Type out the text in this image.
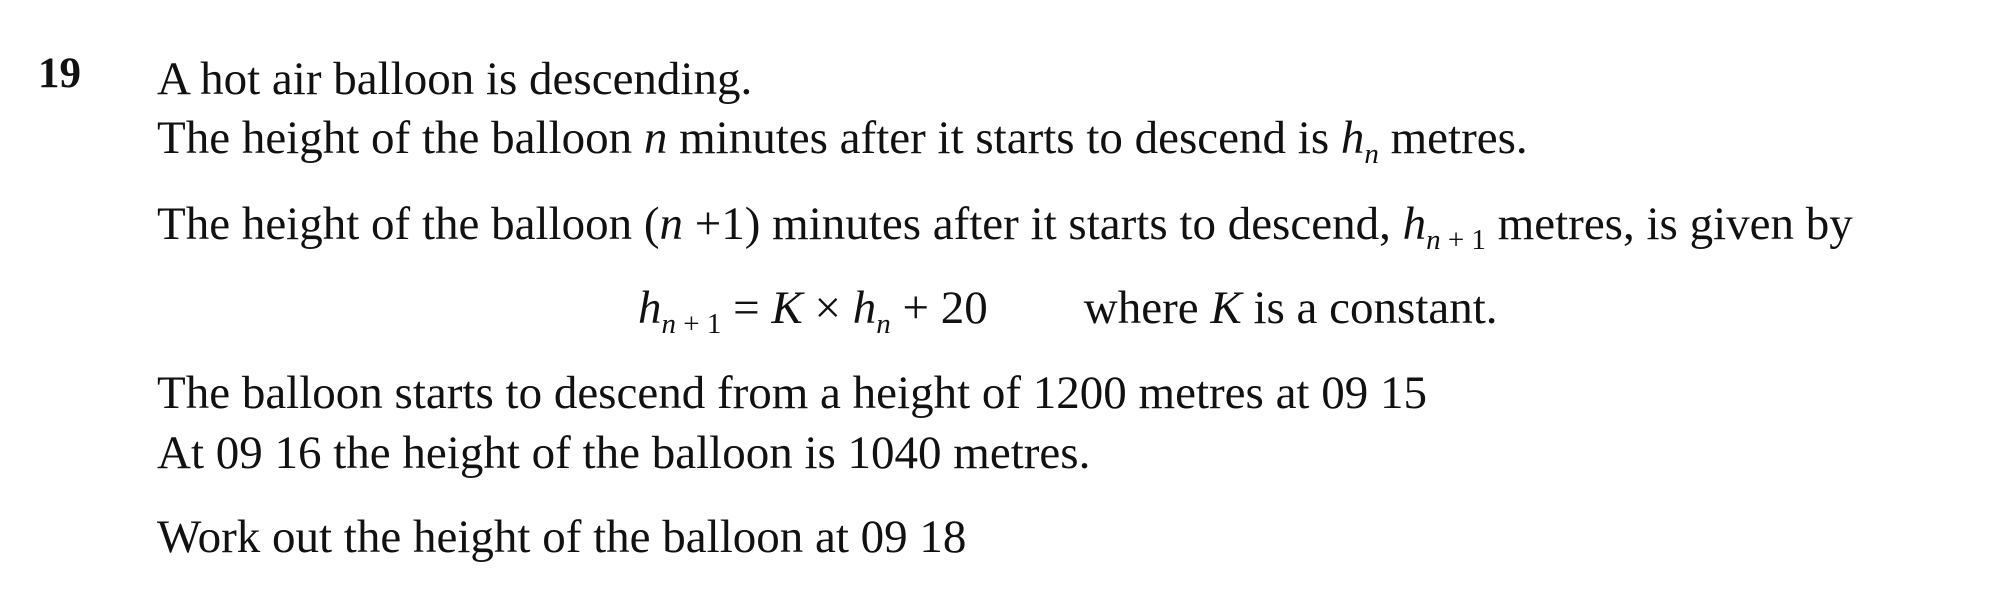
19 A hot air balloon is descending.
The height of the balloon n minutes after it starts to descend is $h_n$ metres.
The height of the balloon (n +1) minutes after it starts to descend, $h_{n + 1}$ metres, is given by
$h_{n + 1} = K \times h_n + 20$ where K is a constant.
The balloon starts to descend from a height of 1200 metres at 09 15
At 09 16 the height of the balloon is 1040 metres.
Work out the height of the balloon at 09 18
